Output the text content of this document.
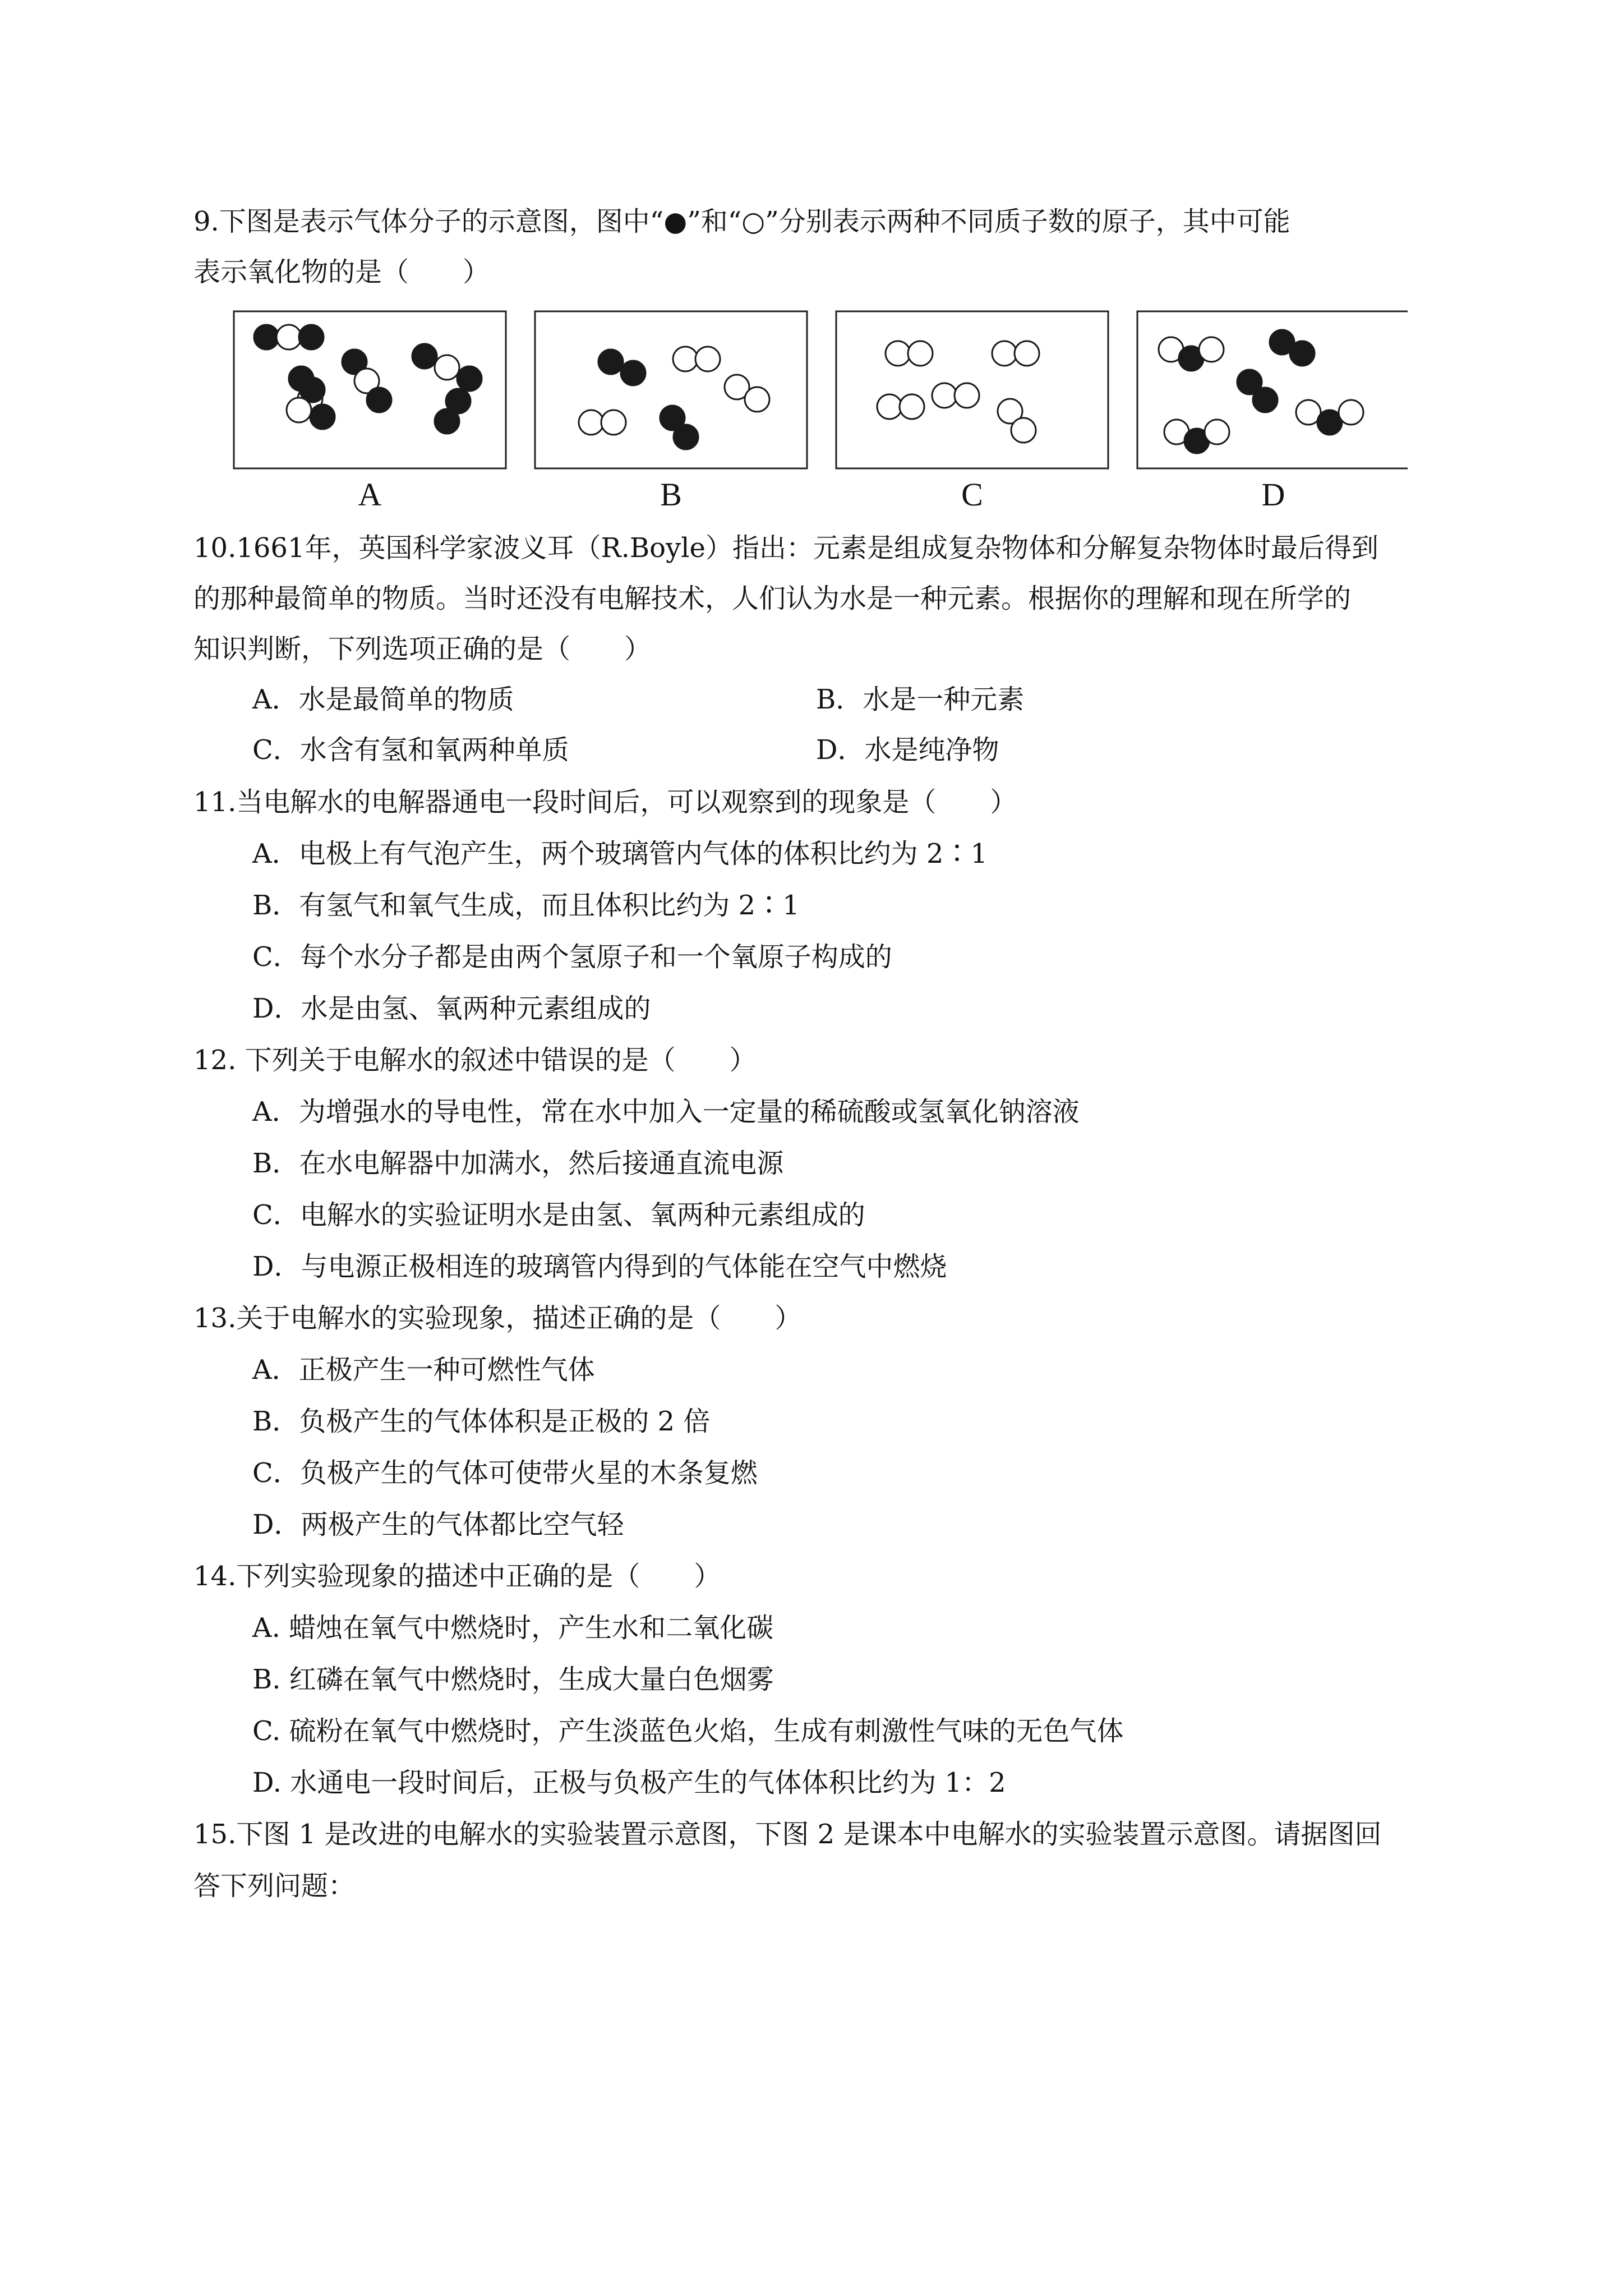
9.下图是表示气体分子的示意图，图中“●”和“○”分别表示两种不同质子数的原子，其中可能
表示氧化物的是（　　）
A	B	C	D
10.1661年，英国科学家波义耳（R.Boyle）指出：元素是组成复杂物体和分解复杂物体时最后得到
的那种最简单的物质。当时还没有电解技术，人们认为水是一种元素。根据你的理解和现在所学的
知识判断，下列选项正确的是（　　）
A．水是最简单的物质	B．水是一种元素
C．水含有氢和氧两种单质	D．水是纯净物
11.当电解水的电解器通电一段时间后，可以观察到的现象是（　　）
A．电极上有气泡产生，两个玻璃管内气体的体积比约为 2∶1
B．有氢气和氧气生成，而且体积比约为 2∶1
C．每个水分子都是由两个氢原子和一个氧原子构成的
D．水是由氢、氧两种元素组成的
12. 下列关于电解水的叙述中错误的是（　　）
A．为增强水的导电性，常在水中加入一定量的稀硫酸或氢氧化钠溶液
B．在水电解器中加满水，然后接通直流电源
C．电解水的实验证明水是由氢、氧两种元素组成的
D．与电源正极相连的玻璃管内得到的气体能在空气中燃烧
13.关于电解水的实验现象，描述正确的是（　　）
A．正极产生一种可燃性气体
B．负极产生的气体体积是正极的 2 倍
C．负极产生的气体可使带火星的木条复燃
D．两极产生的气体都比空气轻
14.下列实验现象的描述中正确的是（　　）
A. 蜡烛在氧气中燃烧时，产生水和二氧化碳
B. 红磷在氧气中燃烧时，生成大量白色烟雾
C. 硫粉在氧气中燃烧时，产生淡蓝色火焰，生成有刺激性气味的无色气体
D. 水通电一段时间后，正极与负极产生的气体体积比约为 1：2
15.下图 1 是改进的电解水的实验装置示意图，下图 2 是课本中电解水的实验装置示意图。请据图回
答下列问题：
